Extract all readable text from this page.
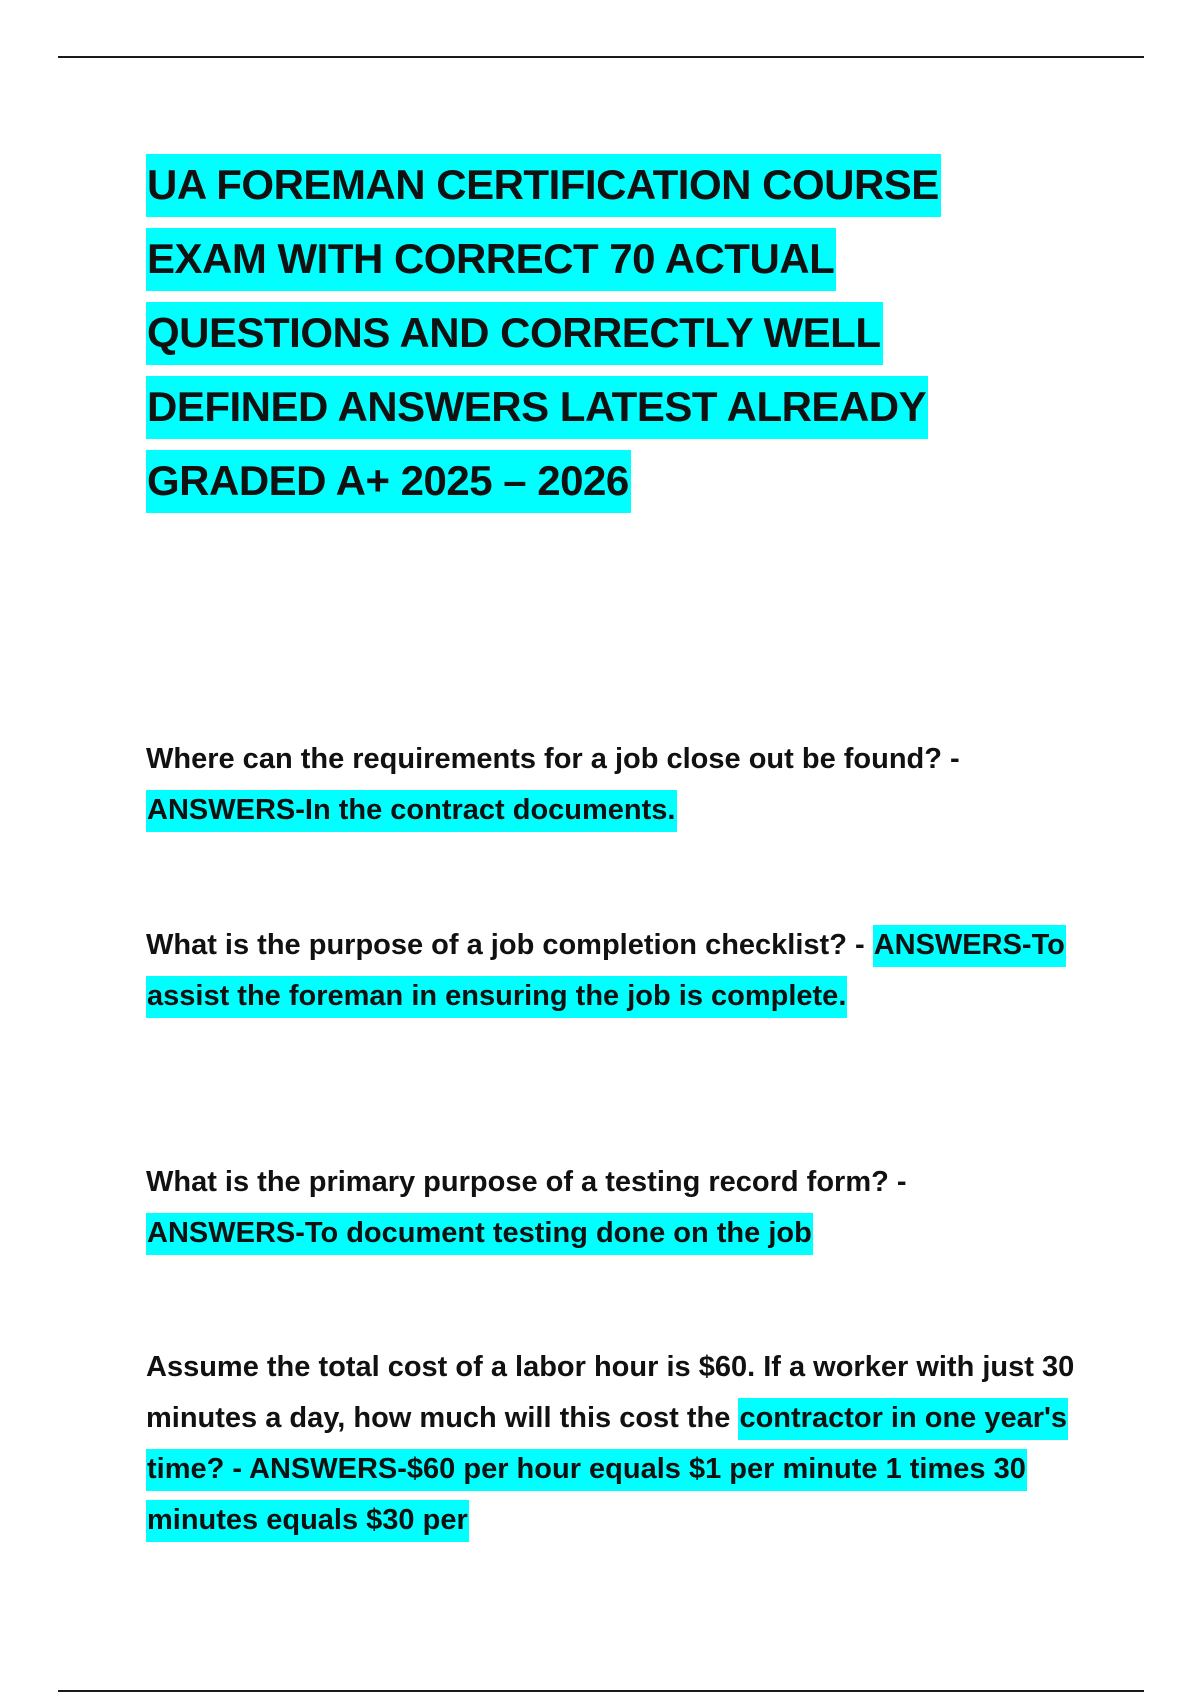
UA FOREMAN CERTIFICATION COURSE EXAM WITH CORRECT 70 ACTUAL QUESTIONS AND CORRECTLY WELL DEFINED ANSWERS LATEST ALREADY GRADED A+ 2025 – 2026

Where can the requirements for a job close out be found? - ANSWERS-In the contract documents.

What is the purpose of a job completion checklist? - ANSWERS-To assist the foreman in ensuring the job is complete.

What is the primary purpose of a testing record form? - ANSWERS-To document testing done on the job

Assume the total cost of a labor hour is $60. If a worker with just 30 minutes a day, how much will this cost the contractor in one year's time? - ANSWERS-$60 per hour equals $1 per minute 1 times 30 minutes equals $30 per
